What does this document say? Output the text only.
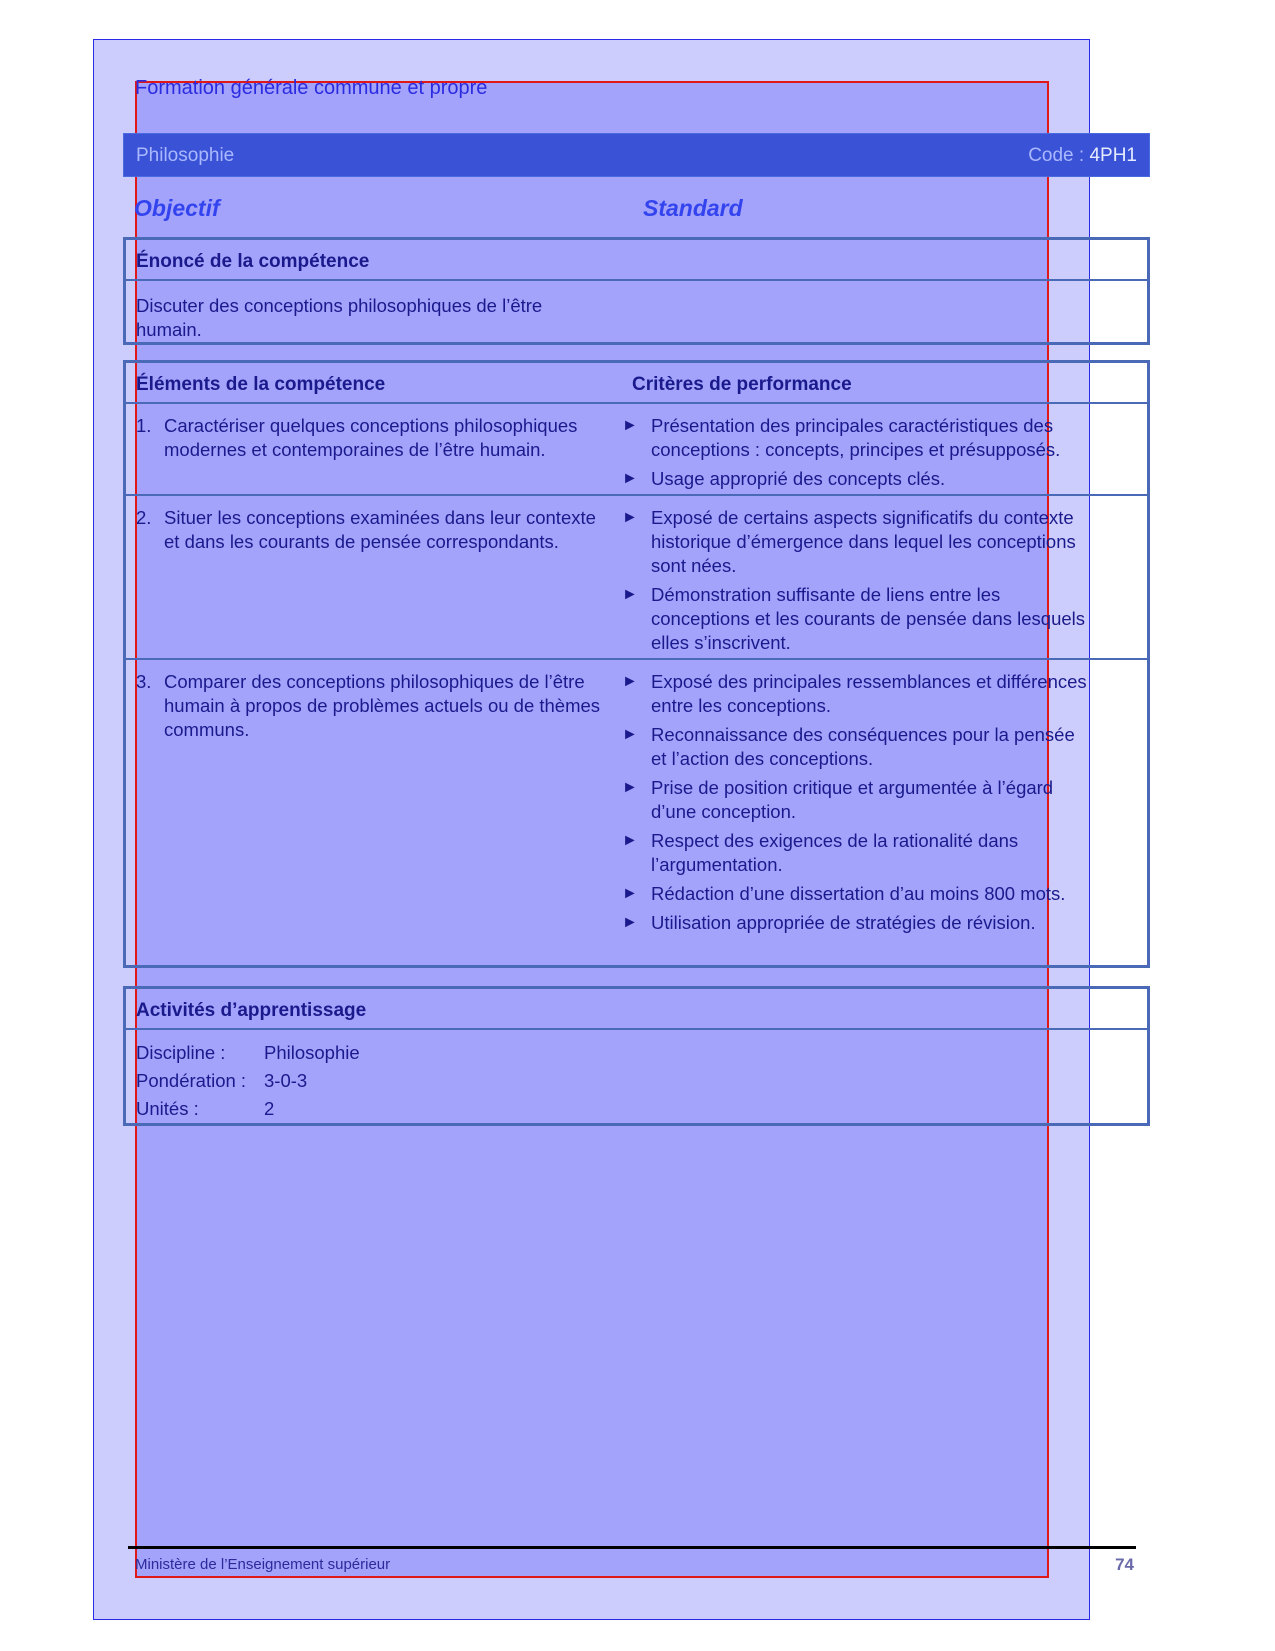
Formation générale commune et propre
Philosophie	Code : 4PH1
Objectif	Standard
Énoncé de la compétence
Discuter des conceptions philosophiques de l’être
humain.
Éléments de la compétence	Critères de performance
1. Caractériser quelques conceptions philosophiques modernes et contemporaines de l’être humain.
► Présentation des principales caractéristiques des conceptions : concepts, principes et présupposés.
► Usage approprié des concepts clés.
2. Situer les conceptions examinées dans leur contexte et dans les courants de pensée correspondants.
► Exposé de certains aspects significatifs du contexte historique d’émergence dans lequel les conceptions sont nées.
► Démonstration suffisante de liens entre les conceptions et les courants de pensée dans lesquels elles s’inscrivent.
3. Comparer des conceptions philosophiques de l’être humain à propos de problèmes actuels ou de thèmes communs.
► Exposé des principales ressemblances et différences entre les conceptions.
► Reconnaissance des conséquences pour la pensée et l’action des conceptions.
► Prise de position critique et argumentée à l’égard d’une conception.
► Respect des exigences de la rationalité dans l’argumentation.
► Rédaction d’une dissertation d’au moins 800 mots.
► Utilisation appropriée de stratégies de révision.
Activités d’apprentissage
Discipline : Philosophie
Pondération : 3-0-3
Unités :	2
Ministère de l’Enseignement supérieur	74
